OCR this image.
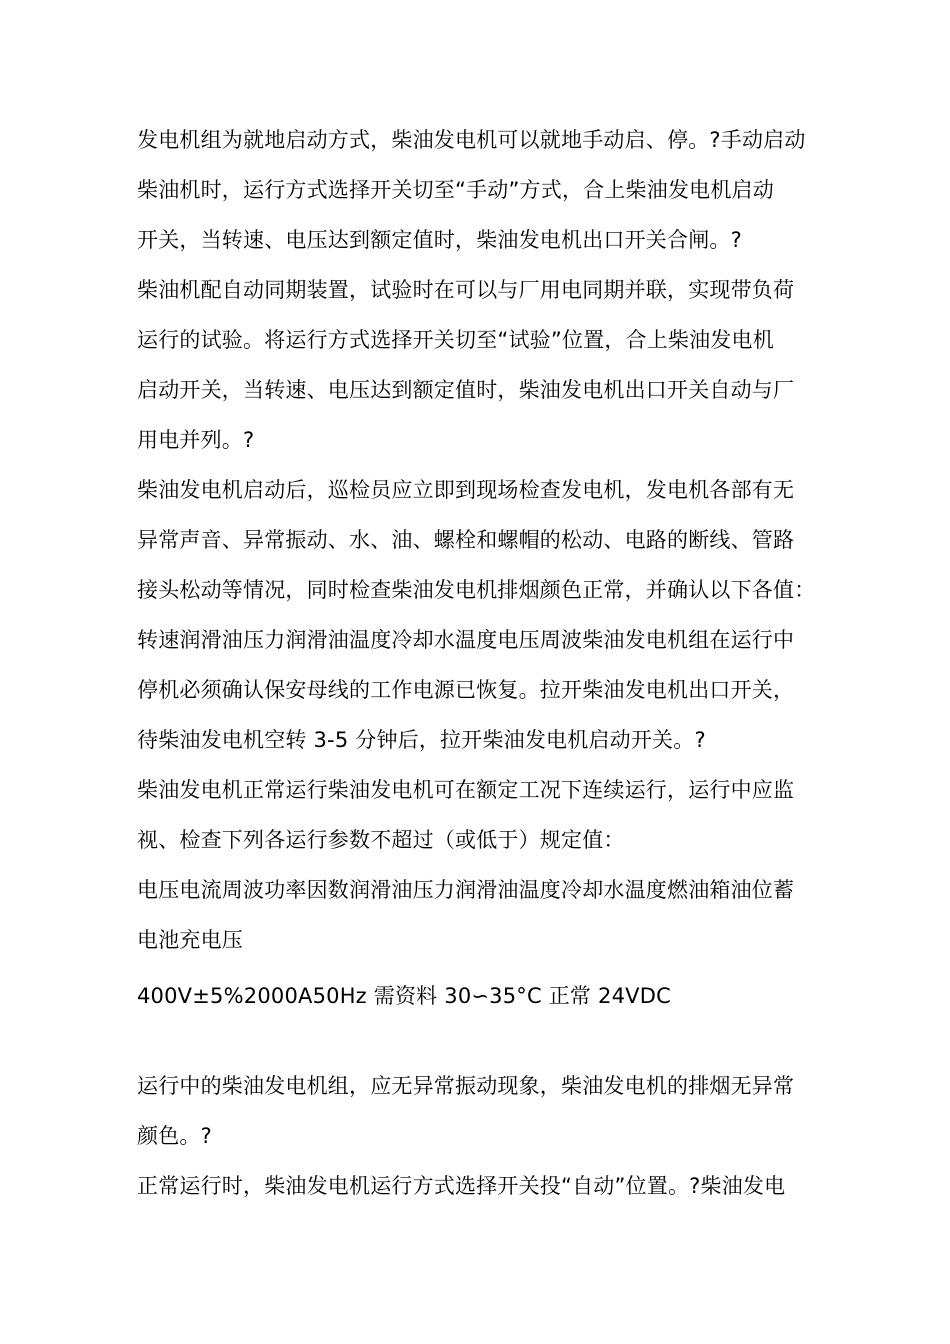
发电机组为就地启动方式，柴油发电机可以就地手动启、停。?手动启动
柴油机时，运行方式选择开关切至“手动”方式，合上柴油发电机启动
开关，当转速、电压达到额定值时，柴油发电机出口开关合闸。?
柴油机配自动同期装置，试验时在可以与厂用电同期并联，实现带负荷
运行的试验。将运行方式选择开关切至“试验”位置，合上柴油发电机
启动开关，当转速、电压达到额定值时，柴油发电机出口开关自动与厂
用电并列。?
柴油发电机启动后，巡检员应立即到现场检查发电机，发电机各部有无
异常声音、异常振动、水、油、螺栓和螺帽的松动、电路的断线、管路
接头松动等情况，同时检查柴油发电机排烟颜色正常，并确认以下各值：
转速润滑油压力润滑油温度冷却水温度电压周波柴油发电机组在运行中
停机必须确认保安母线的工作电源已恢复。拉开柴油发电机出口开关，
待柴油发电机空转 3-5 分钟后，拉开柴油发电机启动开关。?
柴油发电机正常运行柴油发电机可在额定工况下连续运行，运行中应监
视、检查下列各运行参数不超过（或低于）规定值：
电压电流周波功率因数润滑油压力润滑油温度冷却水温度燃油箱油位蓄
电池充电压
400V±5%2000A50Hz 需资料 30∽35°C 正常 24VDC
运行中的柴油发电机组，应无异常振动现象，柴油发电机的排烟无异常
颜色。?
正常运行时，柴油发电机运行方式选择开关投“自动”位置。?柴油发电
